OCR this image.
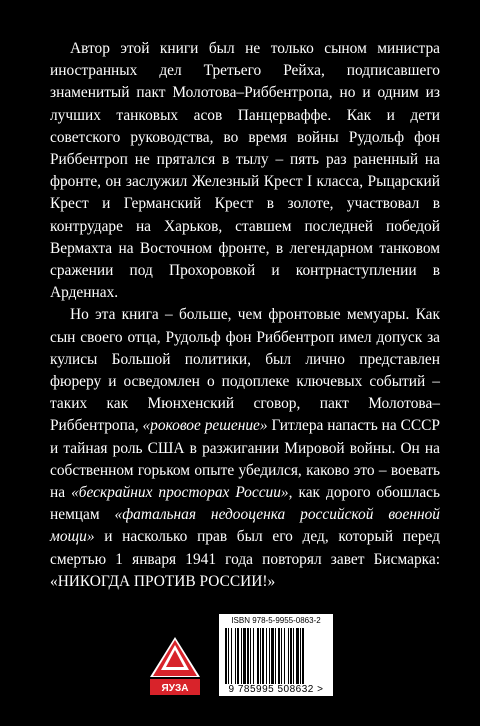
Автор этой книги был не только сыном министра иностранных дел Третьего Рейха, подписавшего знаменитый пакт Молотова–Риббентропа, но и одним из лучших танковых асов Панцерваффе. Как и дети советского руководства, во время войны Рудольф фон Риббентроп не прятался в тылу – пять раз раненный на фронте, он заслужил Железный Крест I класса, Рыцарский Крест и Германский Крест в золоте, участвовал в контрударе на Харьков, ставшем последней победой Вермахта на Восточном фронте, в легендарном танковом сражении под Прохоровкой и контрнаступлении в Арденнах.

Но эта книга – больше, чем фронтовые мемуары. Как сын своего отца, Рудольф фон Риббентроп имел допуск за кулисы Большой политики, был лично представлен фюреру и осведомлен о подоплеке ключевых событий – таких как Мюнхенский сговор, пакт Молотова–Риббентропа, «роковое решение» Гитлера напасть на СССР и тайная роль США в разжигании Мировой войны. Он на собственном горьком опыте убедился, каково это – воевать на «бескрайних просторах России», как дорого обошлась немцам «фатальная недооценка российской военной мощи» и насколько прав был его дед, который перед смертью 1 января 1941 года повторял завет Бисмарка: «НИКОГДА ПРОТИВ РОССИИ!»

ЯУЗА
ISBN 978-5-9955-0863-2
9 785995 508632 >
